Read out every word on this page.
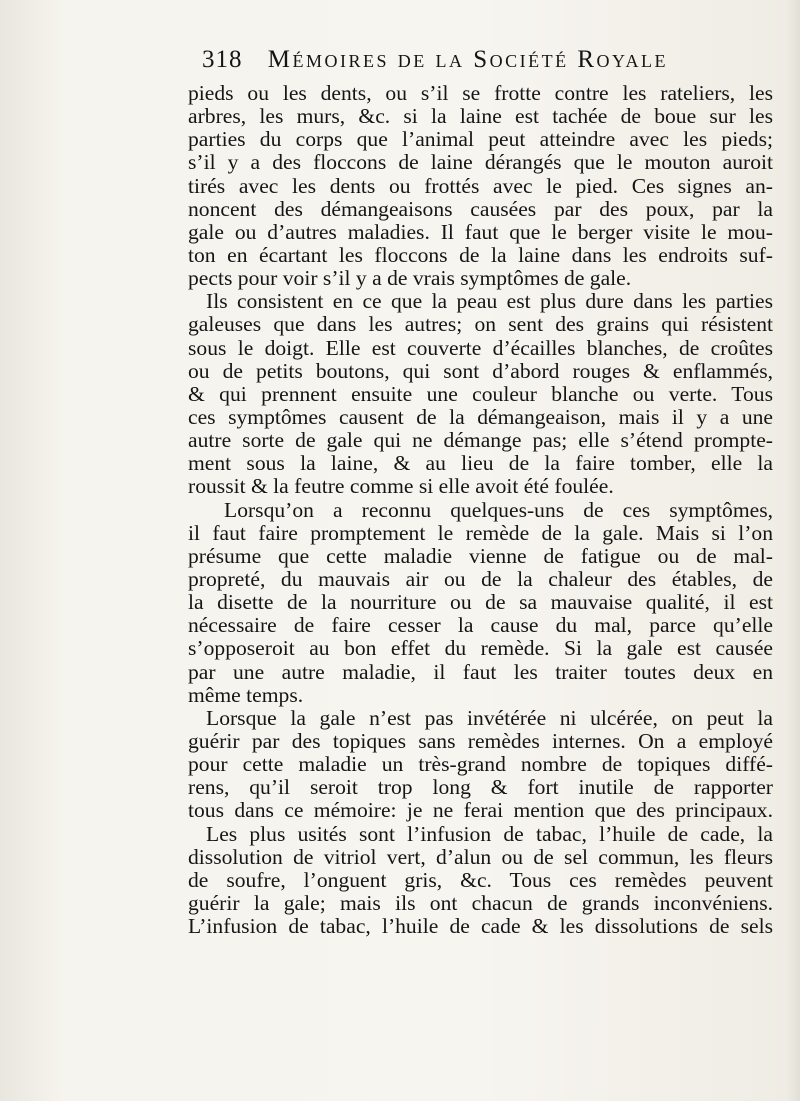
318 Mémoires de la Société Royale
pieds ou les dents, ou s’il se frotte contre les rateliers, les
arbres, les murs, &c. si la laine est tachée de boue sur les
parties du corps que l’animal peut atteindre avec les pieds;
s’il y a des floccons de laine dérangés que le mouton auroit
tirés avec les dents ou frottés avec le pied. Ces signes an-
noncent des démangeaisons causées par des poux, par la
gale ou d’autres maladies. Il faut que le berger visite le mou-
ton en écartant les floccons de la laine dans les endroits suf-
pects pour voir s’il y a de vrais symptômes de gale.
Ils consistent en ce que la peau est plus dure dans les parties
galeuses que dans les autres; on sent des grains qui résistent
sous le doigt. Elle est couverte d’écailles blanches, de croûtes
ou de petits boutons, qui sont d’abord rouges & enflammés,
& qui prennent ensuite une couleur blanche ou verte. Tous
ces symptômes causent de la démangeaison, mais il y a une
autre sorte de gale qui ne démange pas; elle s’étend prompte-
ment sous la laine, & au lieu de la faire tomber, elle la
roussit & la feutre comme si elle avoit été foulée.
Lorsqu’on a reconnu quelques-uns de ces symptômes,
il faut faire promptement le remède de la gale. Mais si l’on
présume que cette maladie vienne de fatigue ou de mal-
propreté, du mauvais air ou de la chaleur des étables, de
la disette de la nourriture ou de sa mauvaise qualité, il est
nécessaire de faire cesser la cause du mal, parce qu’elle
s’opposeroit au bon effet du remède. Si la gale est causée
par une autre maladie, il faut les traiter toutes deux en
même temps.
Lorsque la gale n’est pas invétérée ni ulcérée, on peut la
guérir par des topiques sans remèdes internes. On a employé
pour cette maladie un très-grand nombre de topiques diffé-
rens, qu’il seroit trop long & fort inutile de rapporter
tous dans ce mémoire: je ne ferai mention que des principaux.
Les plus usités sont l’infusion de tabac, l’huile de cade, la
dissolution de vitriol vert, d’alun ou de sel commun, les fleurs
de soufre, l’onguent gris, &c. Tous ces remèdes peuvent
guérir la gale; mais ils ont chacun de grands inconvéniens.
L’infusion de tabac, l’huile de cade & les dissolutions de sels
